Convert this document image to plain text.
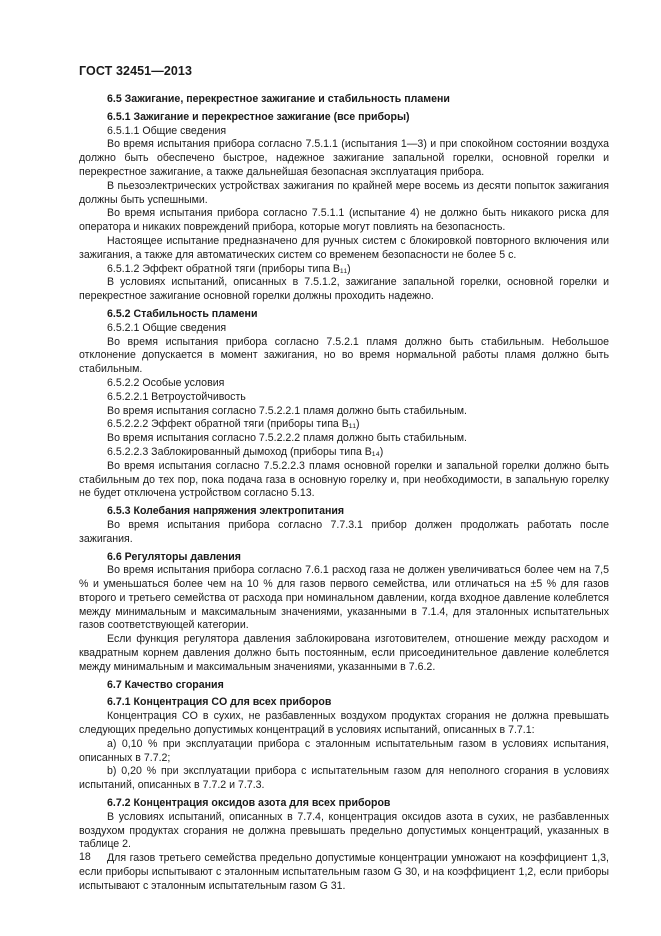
ГОСТ 32451—2013

6.5 Зажигание, перекрестное зажигание и стабильность пламени

6.5.1 Зажигание и перекрестное зажигание (все приборы)

6.5.1.1 Общие сведения

Во время испытания прибора согласно 7.5.1.1 (испытания 1—3) и при спокойном состоянии воздуха должно быть обеспечено быстрое, надежное зажигание запальной горелки, основной горелки и перекрестное зажигание, а также дальнейшая безопасная эксплуатация прибора.

В пьезоэлектрических устройствах зажигания по крайней мере восемь из десяти попыток зажигания должны быть успешными.

Во время испытания прибора согласно 7.5.1.1 (испытание 4) не должно быть никакого риска для оператора и никаких повреждений прибора, которые могут повлиять на безопасность.

Настоящее испытание предназначено для ручных систем с блокировкой повторного включения или зажигания, а также для автоматических систем со временем безопасности не более 5 с.

6.5.1.2 Эффект обратной тяги (приборы типа B₁₁)

В условиях испытаний, описанных в 7.5.1.2, зажигание запальной горелки, основной горелки и перекрестное зажигание основной горелки должны проходить надежно.

6.5.2 Стабильность пламени

6.5.2.1 Общие сведения

Во время испытания прибора согласно 7.5.2.1 пламя должно быть стабильным. Небольшое отклонение допускается в момент зажигания, но во время нормальной работы пламя должно быть стабильным.

6.5.2.2 Особые условия

6.5.2.2.1 Ветроустойчивость

Во время испытания согласно 7.5.2.2.1 пламя должно быть стабильным.

6.5.2.2.2 Эффект обратной тяги (приборы типа B₁₁)

Во время испытания согласно 7.5.2.2.2 пламя должно быть стабильным.

6.5.2.2.3 Заблокированный дымоход (приборы типа B₁₄)

Во время испытания согласно 7.5.2.2.3 пламя основной горелки и запальной горелки должно быть стабильным до тех пор, пока подача газа в основную горелку и, при необходимости, в запальную горелку не будет отключена устройством согласно 5.13.

6.5.3 Колебания напряжения электропитания

Во время испытания прибора согласно 7.7.3.1 прибор должен продолжать работать после зажигания.

6.6 Регуляторы давления

Во время испытания прибора согласно 7.6.1 расход газа не должен увеличиваться более чем на 7,5 % и уменьшаться более чем на 10 % для газов первого семейства, или отличаться на ±5 % для газов второго и третьего семейства от расхода при номинальном давлении, когда входное давление колеблется между минимальным и максимальным значениями, указанными в 7.1.4, для эталонных испытательных газов соответствующей категории.

Если функция регулятора давления заблокирована изготовителем, отношение между расходом и квадратным корнем давления должно быть постоянным, если присоединительное давление колеблется между минимальным и максимальным значениями, указанными в 7.6.2.

6.7 Качество сгорания

6.7.1 Концентрация CO для всех приборов

Концентрация CO в сухих, не разбавленных воздухом продуктах сгорания не должна превышать следующих предельно допустимых концентраций в условиях испытаний, описанных в 7.7.1:

a) 0,10 % при эксплуатации прибора с эталонным испытательным газом в условиях испытания, описанных в 7.7.2;

b) 0,20 % при эксплуатации прибора с испытательным газом для неполного сгорания в условиях испытаний, описанных в 7.7.2 и 7.7.3.

6.7.2 Концентрация оксидов азота для всех приборов

В условиях испытаний, описанных в 7.7.4, концентрация оксидов азота в сухих, не разбавленных воздухом продуктах сгорания не должна превышать предельно допустимых концентраций, указанных в таблице 2.

Для газов третьего семейства предельно допустимые концентрации умножают на коэффициент 1,3, если приборы испытывают с эталонным испытательным газом G 30, и на коэффициент 1,2, если приборы испытывают с эталонным испытательным газом G 31.

18
